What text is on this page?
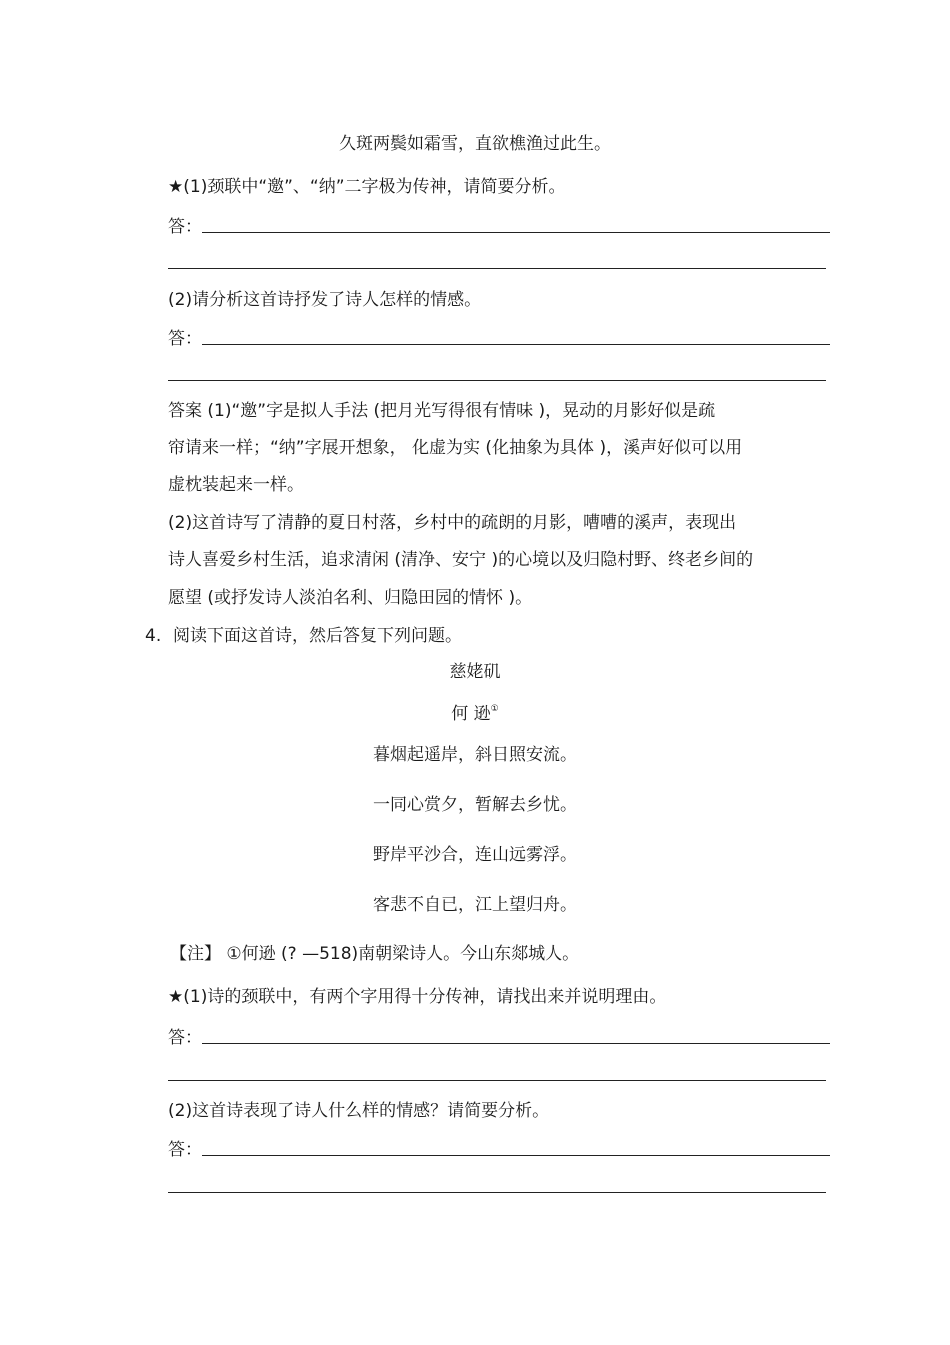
久斑两鬓如霜雪，直欲樵渔过此生。
★(1)颈联中“邀”、“纳”二字极为传神，请简要分析。
答：
(2)请分析这首诗抒发了诗人怎样的情感。
答：
答案 (1)“邀”字是拟人手法 (把月光写得很有情味 )，晃动的月影好似是疏
帘请来一样；“纳”字展开想象， 化虚为实 (化抽象为具体 )，溪声好似可以用
虚枕装起来一样。
(2)这首诗写了清静的夏日村落，乡村中的疏朗的月影，嘈嘈的溪声，表现出
诗人喜爱乡村生活，追求清闲 (清净、安宁 )的心境以及归隐村野、终老乡间的
愿望 (或抒发诗人淡泊名利、归隐田园的情怀 )。
4. 阅读下面这首诗，然后答复下列问题。
慈姥矶
何 逊①
暮烟起遥岸，斜日照安流。
一同心赏夕，暂解去乡忧。
野岸平沙合，连山远雾浮。
客悲不自已，江上望归舟。
【注】 ①何逊 (? —518)南朝梁诗人。今山东郯城人。
★(1)诗的颈联中，有两个字用得十分传神，请找出来并说明理由。
答：
(2)这首诗表现了诗人什么样的情感？请简要分析。
答：
